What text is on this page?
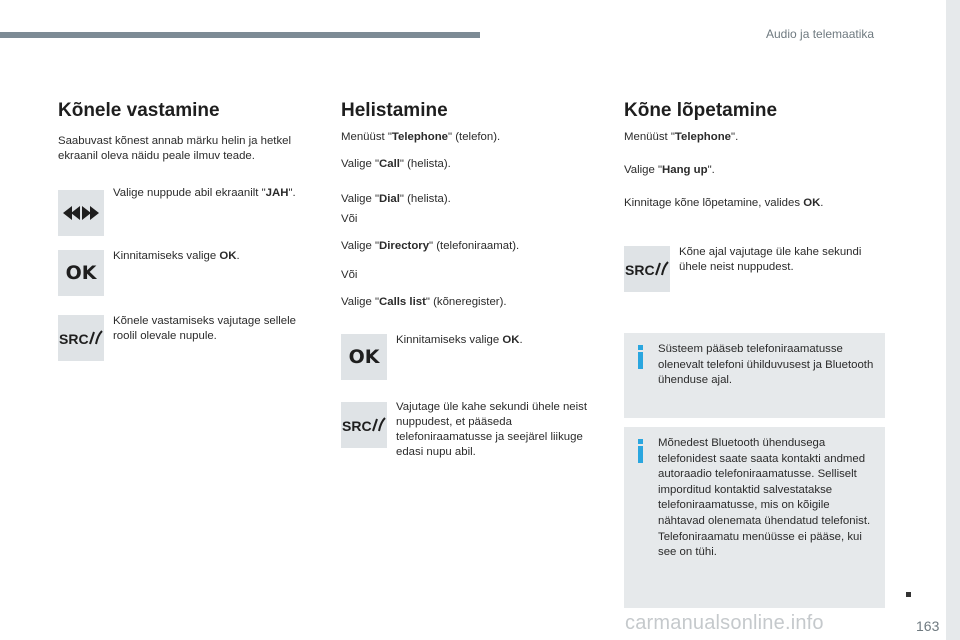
Audio ja telemaatika
Kõnele vastamine

Saabuvast kõnest annab märku helin ja hetkel ekraanil oleva näidu peale ilmuv teade.

Valige nuppude abil ekraanilt "JAH".

OK

Kinnitamiseks valige OK.

SRC

Kõnele vastamiseks vajutage sellele roolil olevale nupule.

Helistamine

Menüüst "Telephone" (telefon).

Valige "Call" (helista).

Valige "Dial" (helista).

Või

Valige "Directory" (telefoniraamat).

Või

Valige "Calls list" (kõneregister).

OK

Kinnitamiseks valige OK.

SRC

Vajutage üle kahe sekundi ühele neist nuppudest, et pääseda telefoniraamatusse ja seejärel liikuge edasi nupu abil.

Kõne lõpetamine

Menüüst "Telephone".

Valige "Hang up".

Kinnitage kõne lõpetamine, valides OK.

SRC

Kõne ajal vajutage üle kahe sekundi ühele neist nuppudest.

Süsteem pääseb telefoniraamatusse olenevalt telefoni ühilduvusest ja Bluetooth ühenduse ajal.

Mõnedest Bluetooth ühendusega telefonidest saate saata kontakti andmed autoraadio telefoniraamatusse. Selliselt imporditud kontaktid salvestatakse telefoniraamatusse, mis on kõigile nähtavad olenemata ühendatud telefonist. Telefoniraamatu menüüsse ei pääse, kui see on tühi.

carmanualsonline.info	163
